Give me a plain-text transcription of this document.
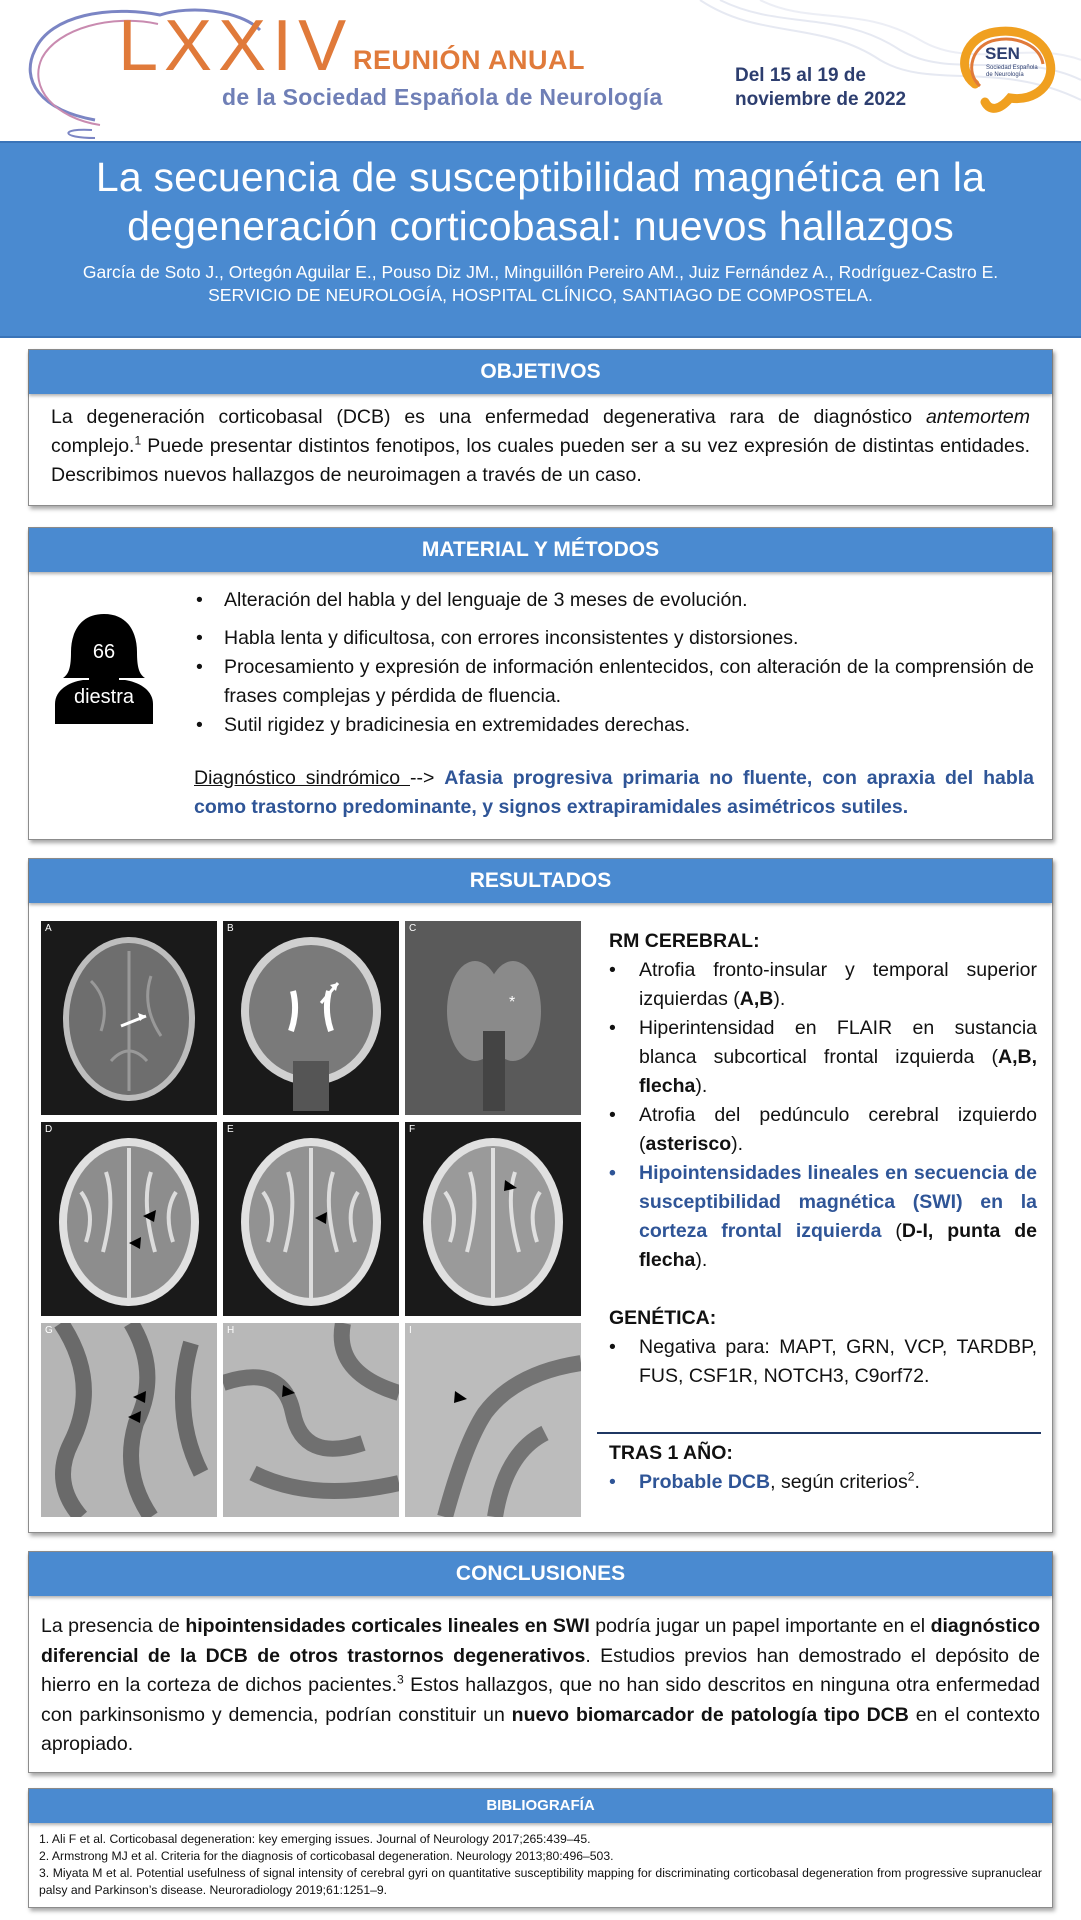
LXXIV REUNIÓN ANUAL
de la Sociedad Española de Neurología
Del 15 al 19 de
noviembre de 2022
SEN
Sociedad Española de Neurología
La secuencia de susceptibilidad magnética en la
degeneración corticobasal: nuevos hallazgos
García de Soto J., Ortegón Aguilar E., Pouso Diz JM., Minguillón Pereiro AM., Juiz Fernández A., Rodríguez-Castro E.
SERVICIO DE NEUROLOGÍA, HOSPITAL CLÍNICO, SANTIAGO DE COMPOSTELA.
OBJETIVOS
La degeneración corticobasal (DCB) es una enfermedad degenerativa rara de diagnóstico antemortem complejo.$^1$ Puede presentar distintos fenotipos, los cuales pueden ser a su vez expresión de distintas entidades. Describimos nuevos hallazgos de neuroimagen a través de un caso.
MATERIAL Y MÉTODOS
66
diestra
• Alteración del habla y del lenguaje de 3 meses de evolución.
• Habla lenta y dificultosa, con errores inconsistentes y distorsiones.
• Procesamiento y expresión de información enlentecidos, con alteración de la comprensión de frases complejas y pérdida de fluencia.
• Sutil rigidez y bradicinesia en extremidades derechas.
Diagnóstico sindrómico --> Afasia progresiva primaria no fluente, con apraxia del habla como trastorno predominante, y signos extrapiramidales asimétricos sutiles.
RESULTADOS
A	B
*
C
D	E	F
G	H	I
RM CEREBRAL:
• Atrofia fronto-insular y temporal superior izquierdas (A,B).
• Hiperintensidad en FLAIR en sustancia blanca subcortical frontal izquierda (A,B, flecha).
• Atrofia del pedúnculo cerebral izquierdo (asterisco).
• Hipointensidades lineales en secuencia de susceptibilidad magnética (SWI) en la corteza frontal izquierda (D-I, punta de flecha).
GENÉTICA:
• Negativa para: MAPT, GRN, VCP, TARDBP, FUS, CSF1R, NOTCH3, C9orf72.
TRAS 1 AÑO:
• Probable DCB, según criterios$^2$.
CONCLUSIONES
La presencia de hipointensidades corticales lineales en SWI podría jugar un papel importante en el diagnóstico diferencial de la DCB de otros trastornos degenerativos. Estudios previos han demostrado el depósito de hierro en la corteza de dichos pacientes.$^3$ Estos hallazgos, que no han sido descritos en ninguna otra enfermedad con parkinsonismo y demencia, podrían constituir un nuevo biomarcador de patología tipo DCB en el contexto apropiado.
BIBLIOGRAFÍA
1. Ali F et al. Corticobasal degeneration: key emerging issues. Journal of Neurology 2017;265:439–45.
2. Armstrong MJ et al. Criteria for the diagnosis of corticobasal degeneration. Neurology 2013;80:496–503.
3. Miyata M et al. Potential usefulness of signal intensity of cerebral gyri on quantitative susceptibility mapping for discriminating corticobasal degeneration from progressive supranuclear palsy and Parkinson’s disease. Neuroradiology 2019;61:1251–9.
